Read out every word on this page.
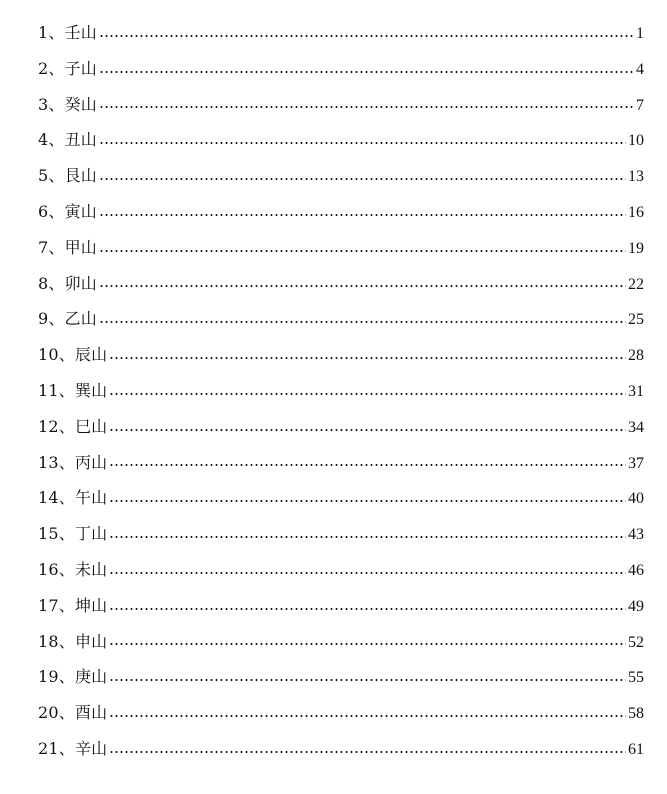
1、壬山	1
2、子山	4
3、癸山	7
4、丑山	10
5、艮山	13
6、寅山	16
7、甲山	19
8、卯山	22
9、乙山	25
10、辰山	28
11、巽山	31
12、巳山	34
13、丙山	37
14、午山	40
15、丁山	43
16、未山	46
17、坤山	49
18、申山	52
19、庚山	55
20、酉山	58
21、辛山	61
